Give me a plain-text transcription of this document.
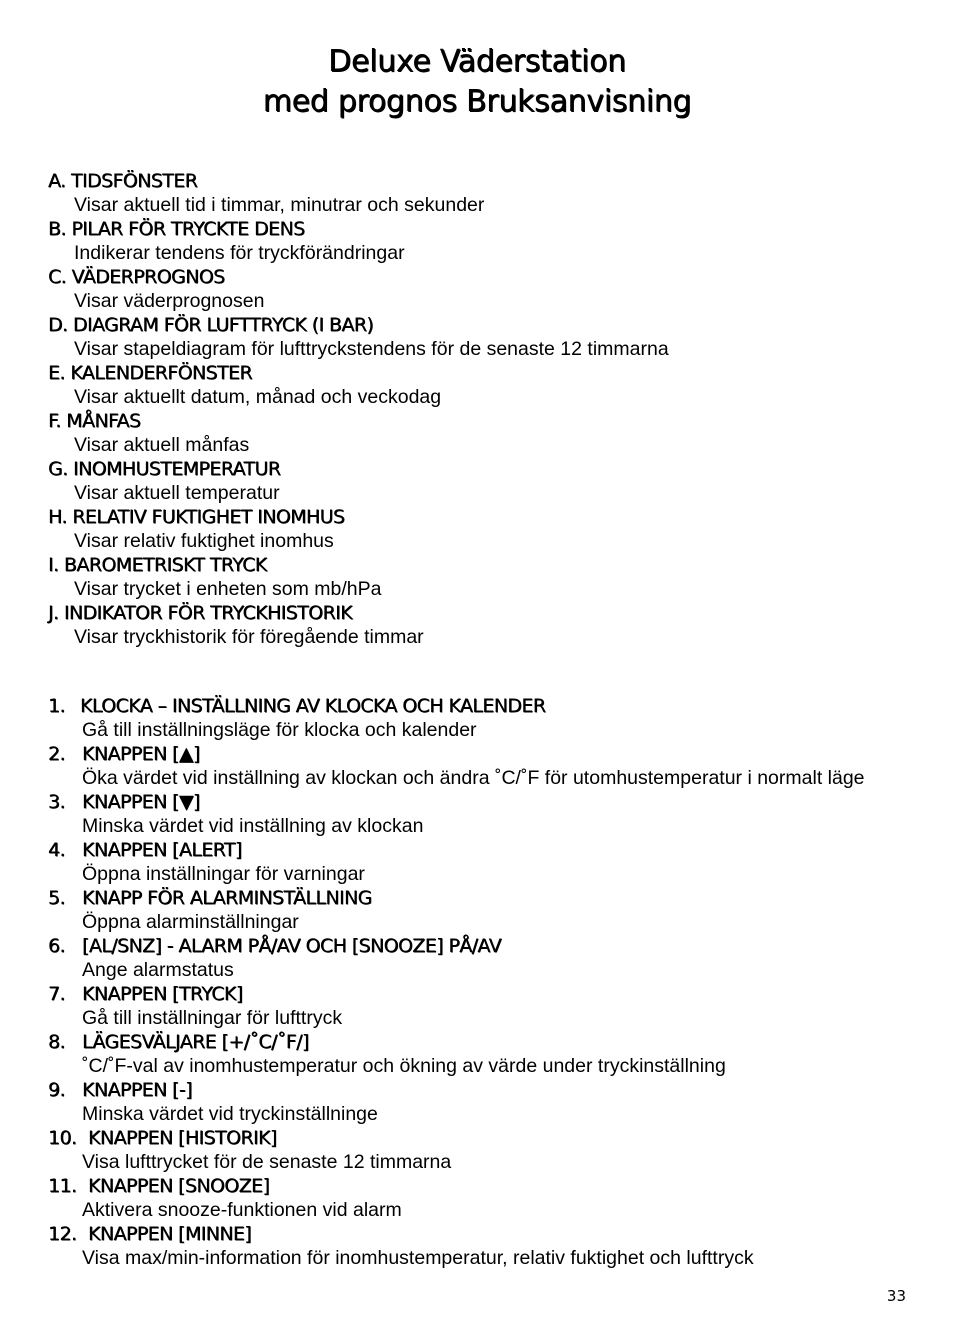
Deluxe Väderstation
med prognos Bruksanvisning
A. TIDSFÖNSTER
Visar aktuell tid i timmar, minutrar och sekunder
B. PILAR FÖR TRYCKTE DENS
Indikerar tendens för tryckförändringar
C. VÄDERPROGNOS
Visar väderprognosen
D. DIAGRAM FÖR LUFTTRYCK (I BAR)
Visar stapeldiagram för lufttryckstendens för de senaste 12 timmarna
E. KALENDERFÖNSTER
Visar aktuellt datum, månad och veckodag
F. MÅNFAS
Visar aktuell månfas
G. INOMHUSTEMPERATUR
Visar aktuell temperatur
H. RELATIV FUKTIGHET INOMHUS
Visar relativ fuktighet inomhus
I. BAROMETRISKT TRYCK
Visar trycket i enheten som mb/hPa
J. INDIKATOR FÖR TRYCKHISTORIK
Visar tryckhistorik för föregående timmar
1. KLOCKA – INSTÄLLNING AV KLOCKA OCH KALENDER
Gå till inställningsläge för klocka och kalender
2. KNAPPEN [▲]
Öka värdet vid inställning av klockan och ändra ˚C/˚F för utomhustemperatur i normalt läge
3. KNAPPEN [▼]
Minska värdet vid inställning av klockan
4. KNAPPEN [ALERT]
Öppna inställningar för varningar
5. KNAPP FÖR ALARMINSTÄLLNING
Öppna alarminställningar
6. [AL/SNZ] - ALARM PÅ/AV OCH [SNOOZE] PÅ/AV
Ange alarmstatus
7. KNAPPEN [TRYCK]
Gå till inställningar för lufttryck
8. LÄGESVÄLJARE [+/˚C/˚F/]
˚C/˚F-val av inomhustemperatur och ökning av värde under tryckinställning
9. KNAPPEN [-]
Minska värdet vid tryckinställninge
10. KNAPPEN [HISTORIK]
Visa lufttrycket för de senaste 12 timmarna
11. KNAPPEN [SNOOZE]
Aktivera snooze-funktionen vid alarm
12. KNAPPEN [MINNE]
Visa max/min-information för inomhustemperatur, relativ fuktighet och lufttryck
33
